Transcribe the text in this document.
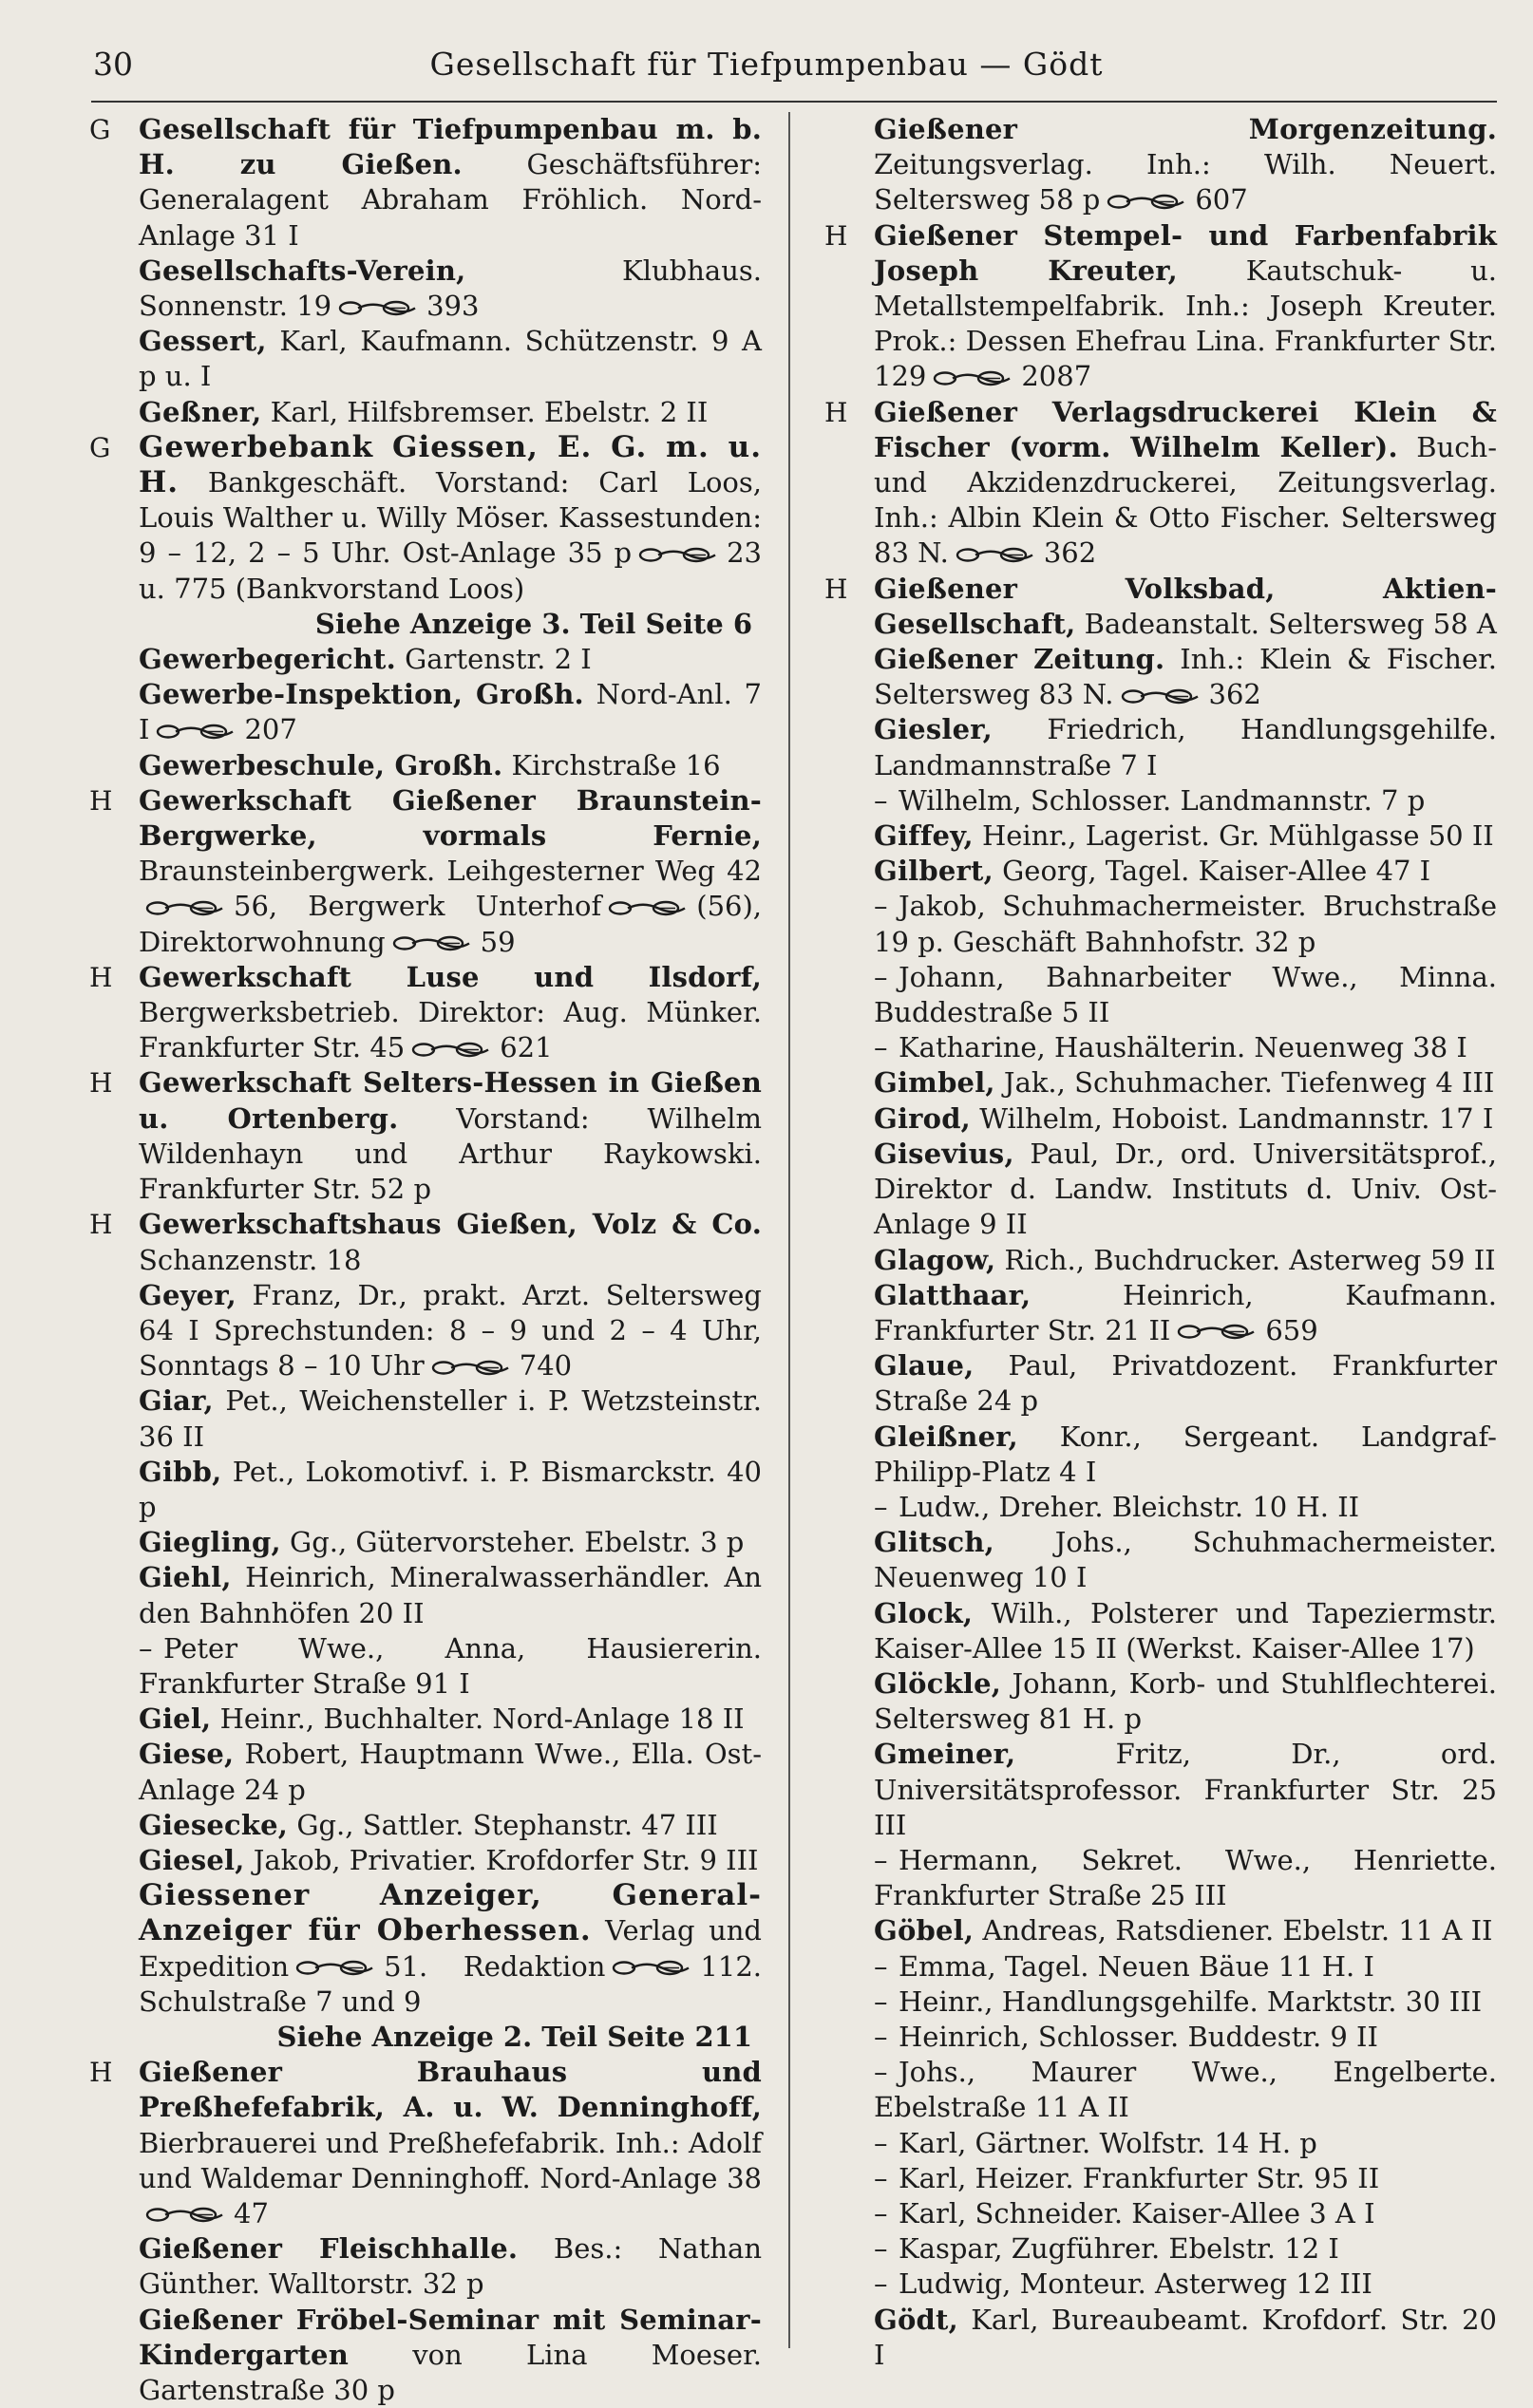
30	Gesellschaft für Tiefpumpenbau — Gödt

G	Gesellschaft für Tiefpumpenbau m. b. H. zu Gießen. Geschäftsführer: Generalagent Abraham Fröhlich. Nord-Anlage 31 I

Gesellschafts-Verein, Klubhaus. Sonnenstr. 19	393

Gessert, Karl, Kaufmann. Schützenstr. 9 A p u. I

Geßner, Karl, Hilfsbremser. Ebelstr. 2 II

G Gewerbebank Giessen, E. G. m. u. H. Bankgeschäft. Vorstand: Carl Loos, Louis Walther u. Willy Möser. Kassestunden: 9 – 12, 2 – 5 Uhr. Ost-Anlage 35 p	23 u. 775 (Bankvorstand Loos)

Siehe Anzeige 3. Teil Seite 6

Gewerbegericht. Gartenstr. 2 I

Gewerbe-Inspektion, Großh. Nord-Anl. 7 I	207

Gewerbeschule, Großh. Kirchstraße 16

H Gewerkschaft Gießener Braunstein-Bergwerke, vormals Fernie, Braunsteinbergwerk. Leihgesterner Weg 42
56, Bergwerk Unterhof	(56), Direktorwohnung	59

H Gewerkschaft Luse und Ilsdorf, Bergwerksbetrieb. Direktor: Aug. Münker. Frankfurter Str. 45	621

H Gewerkschaft Selters-Hessen in Gießen u. Ortenberg. Vorstand: Wilhelm Wildenhayn und Arthur Raykowski. Frankfurter Str. 52 p

H Gewerkschaftshaus Gießen, Volz & Co. Schanzenstr. 18

Geyer, Franz, Dr., prakt. Arzt. Seltersweg 64 I Sprechstunden: 8 – 9 und 2 – 4 Uhr, Sonntags 8 – 10 Uhr	740

Giar, Pet., Weichensteller i. P. Wetzsteinstr. 36 II

Gibb, Pet., Lokomotivf. i. P. Bismarckstr. 40 p

Giegling, Gg., Gütervorsteher. Ebelstr. 3 p

Giehl, Heinrich, Mineralwasserhändler. An den Bahnhöfen 20 II

– Peter Wwe., Anna, Hausiererin. Frankfurter Straße 91 I

Giel, Heinr., Buchhalter. Nord-Anlage 18 II

Giese, Robert, Hauptmann Wwe., Ella. Ost-Anlage 24 p

Giesecke, Gg., Sattler. Stephanstr. 47 III

Giesel, Jakob, Privatier. Krofdorfer Str. 9 III

Giessener Anzeiger, General-Anzeiger für Oberhessen. Verlag und Expedition	51. Redaktion	112. Schulstraße 7 und 9

Siehe Anzeige 2. Teil Seite 211

H Gießener Brauhaus und Preßhefefabrik, A. u. W. Denninghoff, Bierbrauerei und Preßhefefabrik. Inh.: Adolf und Waldemar Denninghoff. Nord-Anlage 38
47

Gießener Fleischhalle. Bes.: Nathan Günther. Walltorstr. 32 p

Gießener Fröbel-Seminar mit Seminar-Kindergarten von Lina Moeser. Gartenstraße 30 p

Gießener Morgenzeitung. Zeitungsverlag. Inh.: Wilh. Neuert. Seltersweg 58 p	607

H Gießener Stempel- und Farbenfabrik Joseph Kreuter, Kautschuk- u. Metallstempelfabrik. Inh.: Joseph Kreuter. Prok.: Dessen Ehefrau Lina. Frankfurter Str. 129	2087

H Gießener Verlagsdruckerei Klein & Fischer (vorm. Wilhelm Keller). Buch- und Akzidenzdruckerei, Zeitungsverlag. Inh.: Albin Klein & Otto Fischer. Seltersweg 83 N.	362

H Gießener Volksbad, Aktien-Gesellschaft, Badeanstalt. Seltersweg 58 A

Gießener Zeitung. Inh.: Klein & Fischer. Seltersweg 83 N.	362

Giesler, Friedrich, Handlungsgehilfe. Landmannstraße 7 I

– Wilhelm, Schlosser. Landmannstr. 7 p

Giffey, Heinr., Lagerist. Gr. Mühlgasse 50 II

Gilbert, Georg, Tagel. Kaiser-Allee 47 I

– Jakob, Schuhmachermeister. Bruchstraße 19 p. Geschäft Bahnhofstr. 32 p

– Johann, Bahnarbeiter Wwe., Minna. Buddestraße 5 II

– Katharine, Haushälterin. Neuenweg 38 I

Gimbel, Jak., Schuhmacher. Tiefenweg 4 III

Girod, Wilhelm, Hoboist. Landmannstr. 17 I

Gisevius, Paul, Dr., ord. Universitätsprof., Direktor d. Landw. Instituts d. Univ. Ost-Anlage 9 II

Glagow, Rich., Buchdrucker. Asterweg 59 II

Glatthaar, Heinrich, Kaufmann. Frankfurter Str. 21 II	659

Glaue, Paul, Privatdozent. Frankfurter Straße 24 p

Gleißner, Konr., Sergeant. Landgraf-Philipp-Platz 4 I

– Ludw., Dreher. Bleichstr. 10 H. II

Glitsch, Johs., Schuhmachermeister. Neuenweg 10 I

Glock, Wilh., Polsterer und Tapeziermstr. Kaiser-Allee 15 II (Werkst. Kaiser-Allee 17)

Glöckle, Johann, Korb- und Stuhlflechterei. Seltersweg 81 H. p

Gmeiner, Fritz, Dr., ord. Universitätsprofessor. Frankfurter Str. 25 III

– Hermann, Sekret. Wwe., Henriette. Frankfurter Straße 25 III

Göbel, Andreas, Ratsdiener. Ebelstr. 11 A II

– Emma, Tagel. Neuen Bäue 11 H. I

– Heinr., Handlungsgehilfe. Marktstr. 30 III

– Heinrich, Schlosser. Buddestr. 9 II

– Johs., Maurer Wwe., Engelberte. Ebelstraße 11 A II

– Karl, Gärtner. Wolfstr. 14 H. p

– Karl, Heizer. Frankfurter Str. 95 II

– Karl, Schneider. Kaiser-Allee 3 A I

– Kaspar, Zugführer. Ebelstr. 12 I

– Ludwig, Monteur. Asterweg 12 III

Gödt, Karl, Bureaubeamt. Krofdorf. Str. 20 I
